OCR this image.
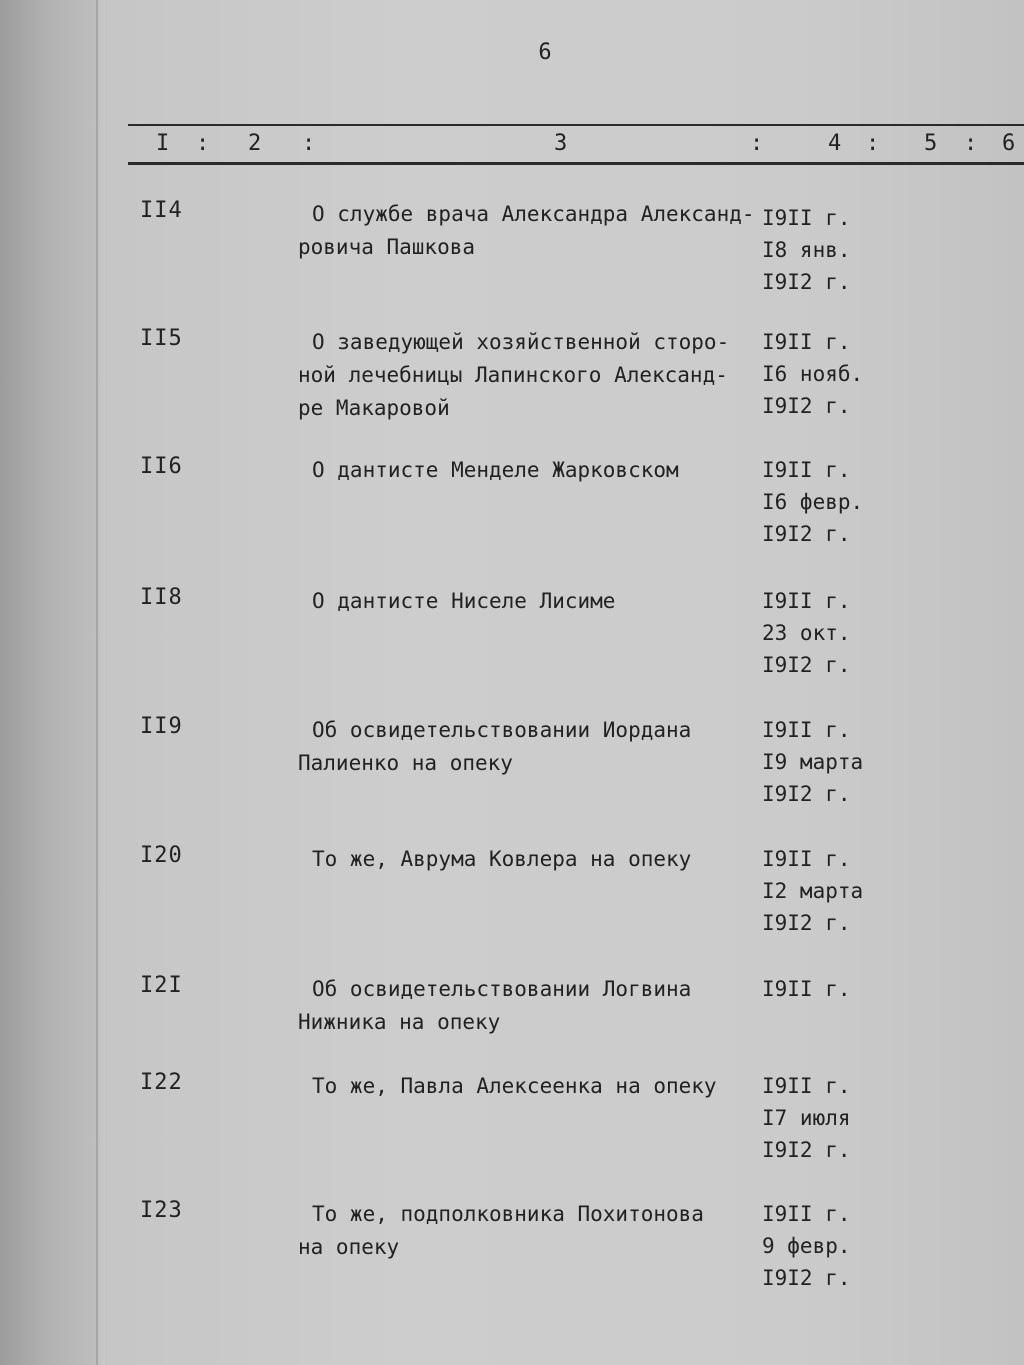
6
I : 2 :	3	:	4 : 5 : 6
II4	О службе врача Александра Александ-
ровича Пашкова
I9II г.
I8 янв.
I9I2 г.
II5	О заведующей хозяйственной сторо-
ной лечебницы Лапинского Александ-
ре Макаровой
I9II г.
I6 нояб.
I9I2 г.
II6	О дантисте Менделе Жарковском	I9II г.
I6 февр.
I9I2 г.
II8	О дантисте Ниселе Лисиме	I9II г.
23 окт.
I9I2 г.
II9	Об освидетельствовании Иордана
Палиенко на опеку
I9II г.
I9 марта
I9I2 г.
I20	То же, Аврума Ковлера на опеку	I9II г.
I2 марта
I9I2 г.
I2I	Об освидетельствовании Логвина
Нижника на опеку
I9II г.
I22	То же, Павла Алексеенка на опеку	I9II г.
I7 июля
I9I2 г.
I23	То же, подполковника Похитонова
на опеку
I9II г.
9 февр.
I9I2 г.
